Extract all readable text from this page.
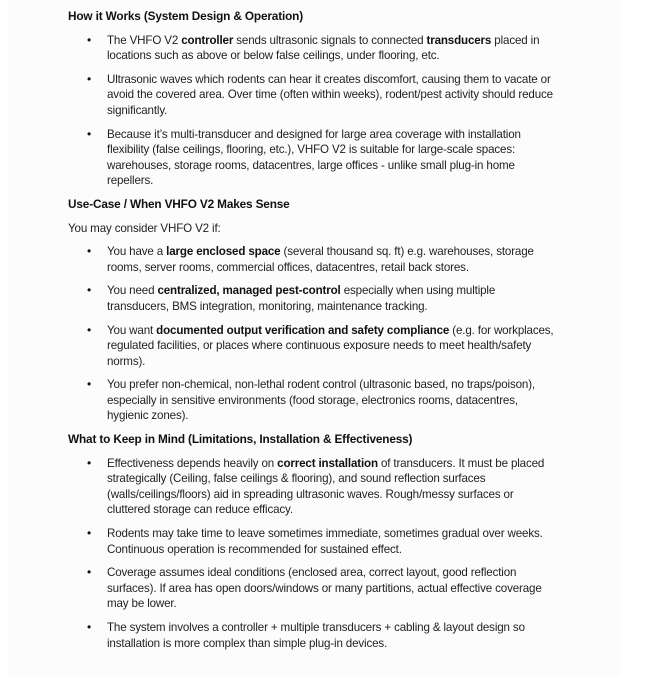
How it Works (System Design & Operation)
• The VHFO V2 controller sends ultrasonic signals to connected transducers placed in locations such as above or below false ceilings, under flooring, etc.
• Ultrasonic waves which rodents can hear it creates discomfort, causing them to vacate or avoid the covered area. Over time (often within weeks), rodent/pest activity should reduce significantly.
• Because it’s multi-transducer and designed for large area coverage with installation flexibility (false ceilings, flooring, etc.), VHFO V2 is suitable for large-scale spaces: warehouses, storage rooms, datacentres, large offices - unlike small plug-in home repellers.
Use-Case / When VHFO V2 Makes Sense
You may consider VHFO V2 if:
• You have a large enclosed space (several thousand sq. ft) e.g. warehouses, storage rooms, server rooms, commercial offices, datacentres, retail back stores.
• You need centralized, managed pest-control especially when using multiple transducers, BMS integration, monitoring, maintenance tracking.
• You want documented output verification and safety compliance (e.g. for workplaces, regulated facilities, or places where continuous exposure needs to meet health/safety norms).
• You prefer non-chemical, non-lethal rodent control (ultrasonic based, no traps/poison), especially in sensitive environments (food storage, electronics rooms, datacentres, hygienic zones).
What to Keep in Mind (Limitations, Installation & Effectiveness)
• Effectiveness depends heavily on correct installation of transducers. It must be placed strategically (Ceiling, false ceilings & flooring), and sound reflection surfaces (walls/ceilings/floors) aid in spreading ultrasonic waves. Rough/messy surfaces or cluttered storage can reduce efficacy.
• Rodents may take time to leave sometimes immediate, sometimes gradual over weeks. Continuous operation is recommended for sustained effect.
• Coverage assumes ideal conditions (enclosed area, correct layout, good reflection surfaces). If area has open doors/windows or many partitions, actual effective coverage may be lower.
• The system involves a controller + multiple transducers + cabling & layout design so installation is more complex than simple plug-in devices.
